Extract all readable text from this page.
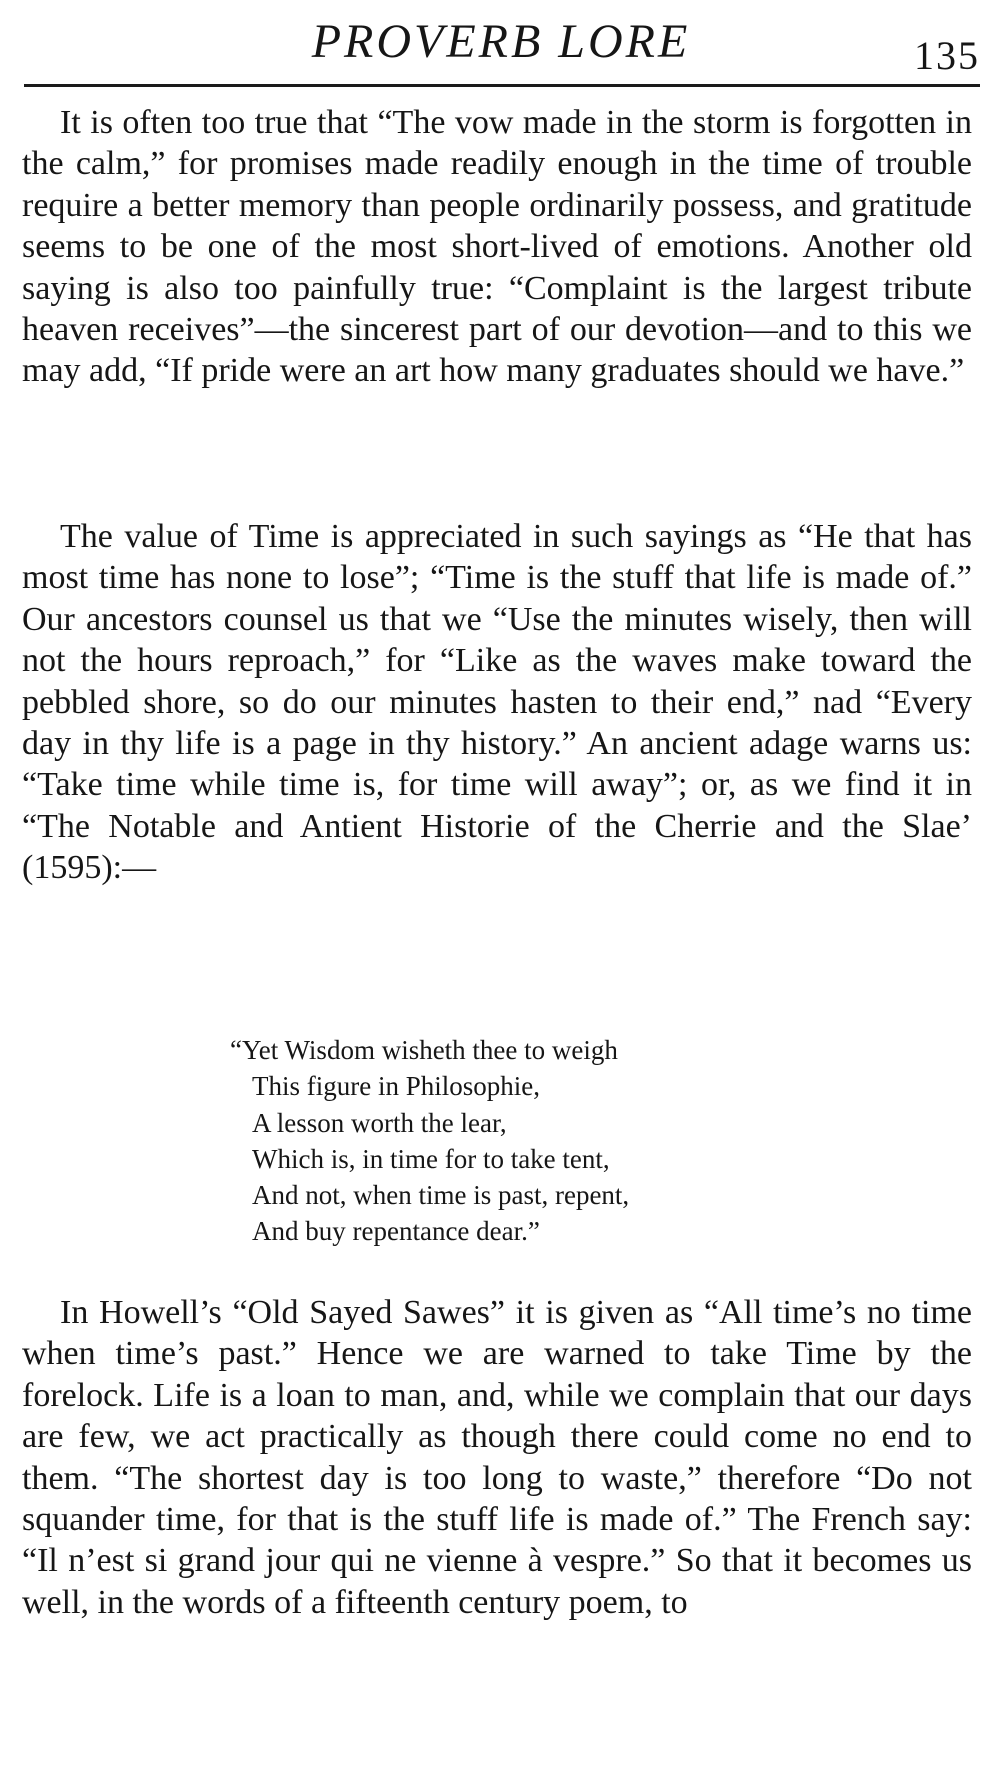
PROVERB LORE	135

It is often too true that “The vow made in the storm is forgotten in the calm,” for promises made readily enough in the time of trouble require a better memory than people ordinarily possess, and gratitude seems to be one of the most short-lived of emotions. Another old saying is also too painfully true: “Complaint is the largest tribute heaven receives”—the sincerest part of our devotion—and to this we may add, “If pride were an art how many graduates should we have.”

The value of Time is appreciated in such sayings as “He that has most time has none to lose”; “Time is the stuff that life is made of.” Our ancestors counsel us that we “Use the minutes wisely, then will not the hours reproach,” for “Like as the waves make toward the pebbled shore, so do our minutes hasten to their end,” nad “Every day in thy life is a page in thy history.” An ancient adage warns us: “Take time while time is, for time will away”; or, as we find it in “The Notable and Antient Historie of the Cherrie and the Slae’ (1595):—

“Yet Wisdom wisheth thee to weigh
This figure in Philosophie,
A lesson worth the lear,
Which is, in time for to take tent,
And not, when time is past, repent,
And buy repentance dear.”

In Howell’s “Old Sayed Sawes” it is given as “All time’s no time when time’s past.” Hence we are warned to take Time by the forelock. Life is a loan to man, and, while we complain that our days are few, we act practically as though there could come no end to them. “The shortest day is too long to waste,” therefore “Do not squander time, for that is the stuff life is made of.” The French say: “Il n’est si grand jour qui ne vienne à vespre.” So that it becomes us well, in the words of a fifteenth century poem, to
